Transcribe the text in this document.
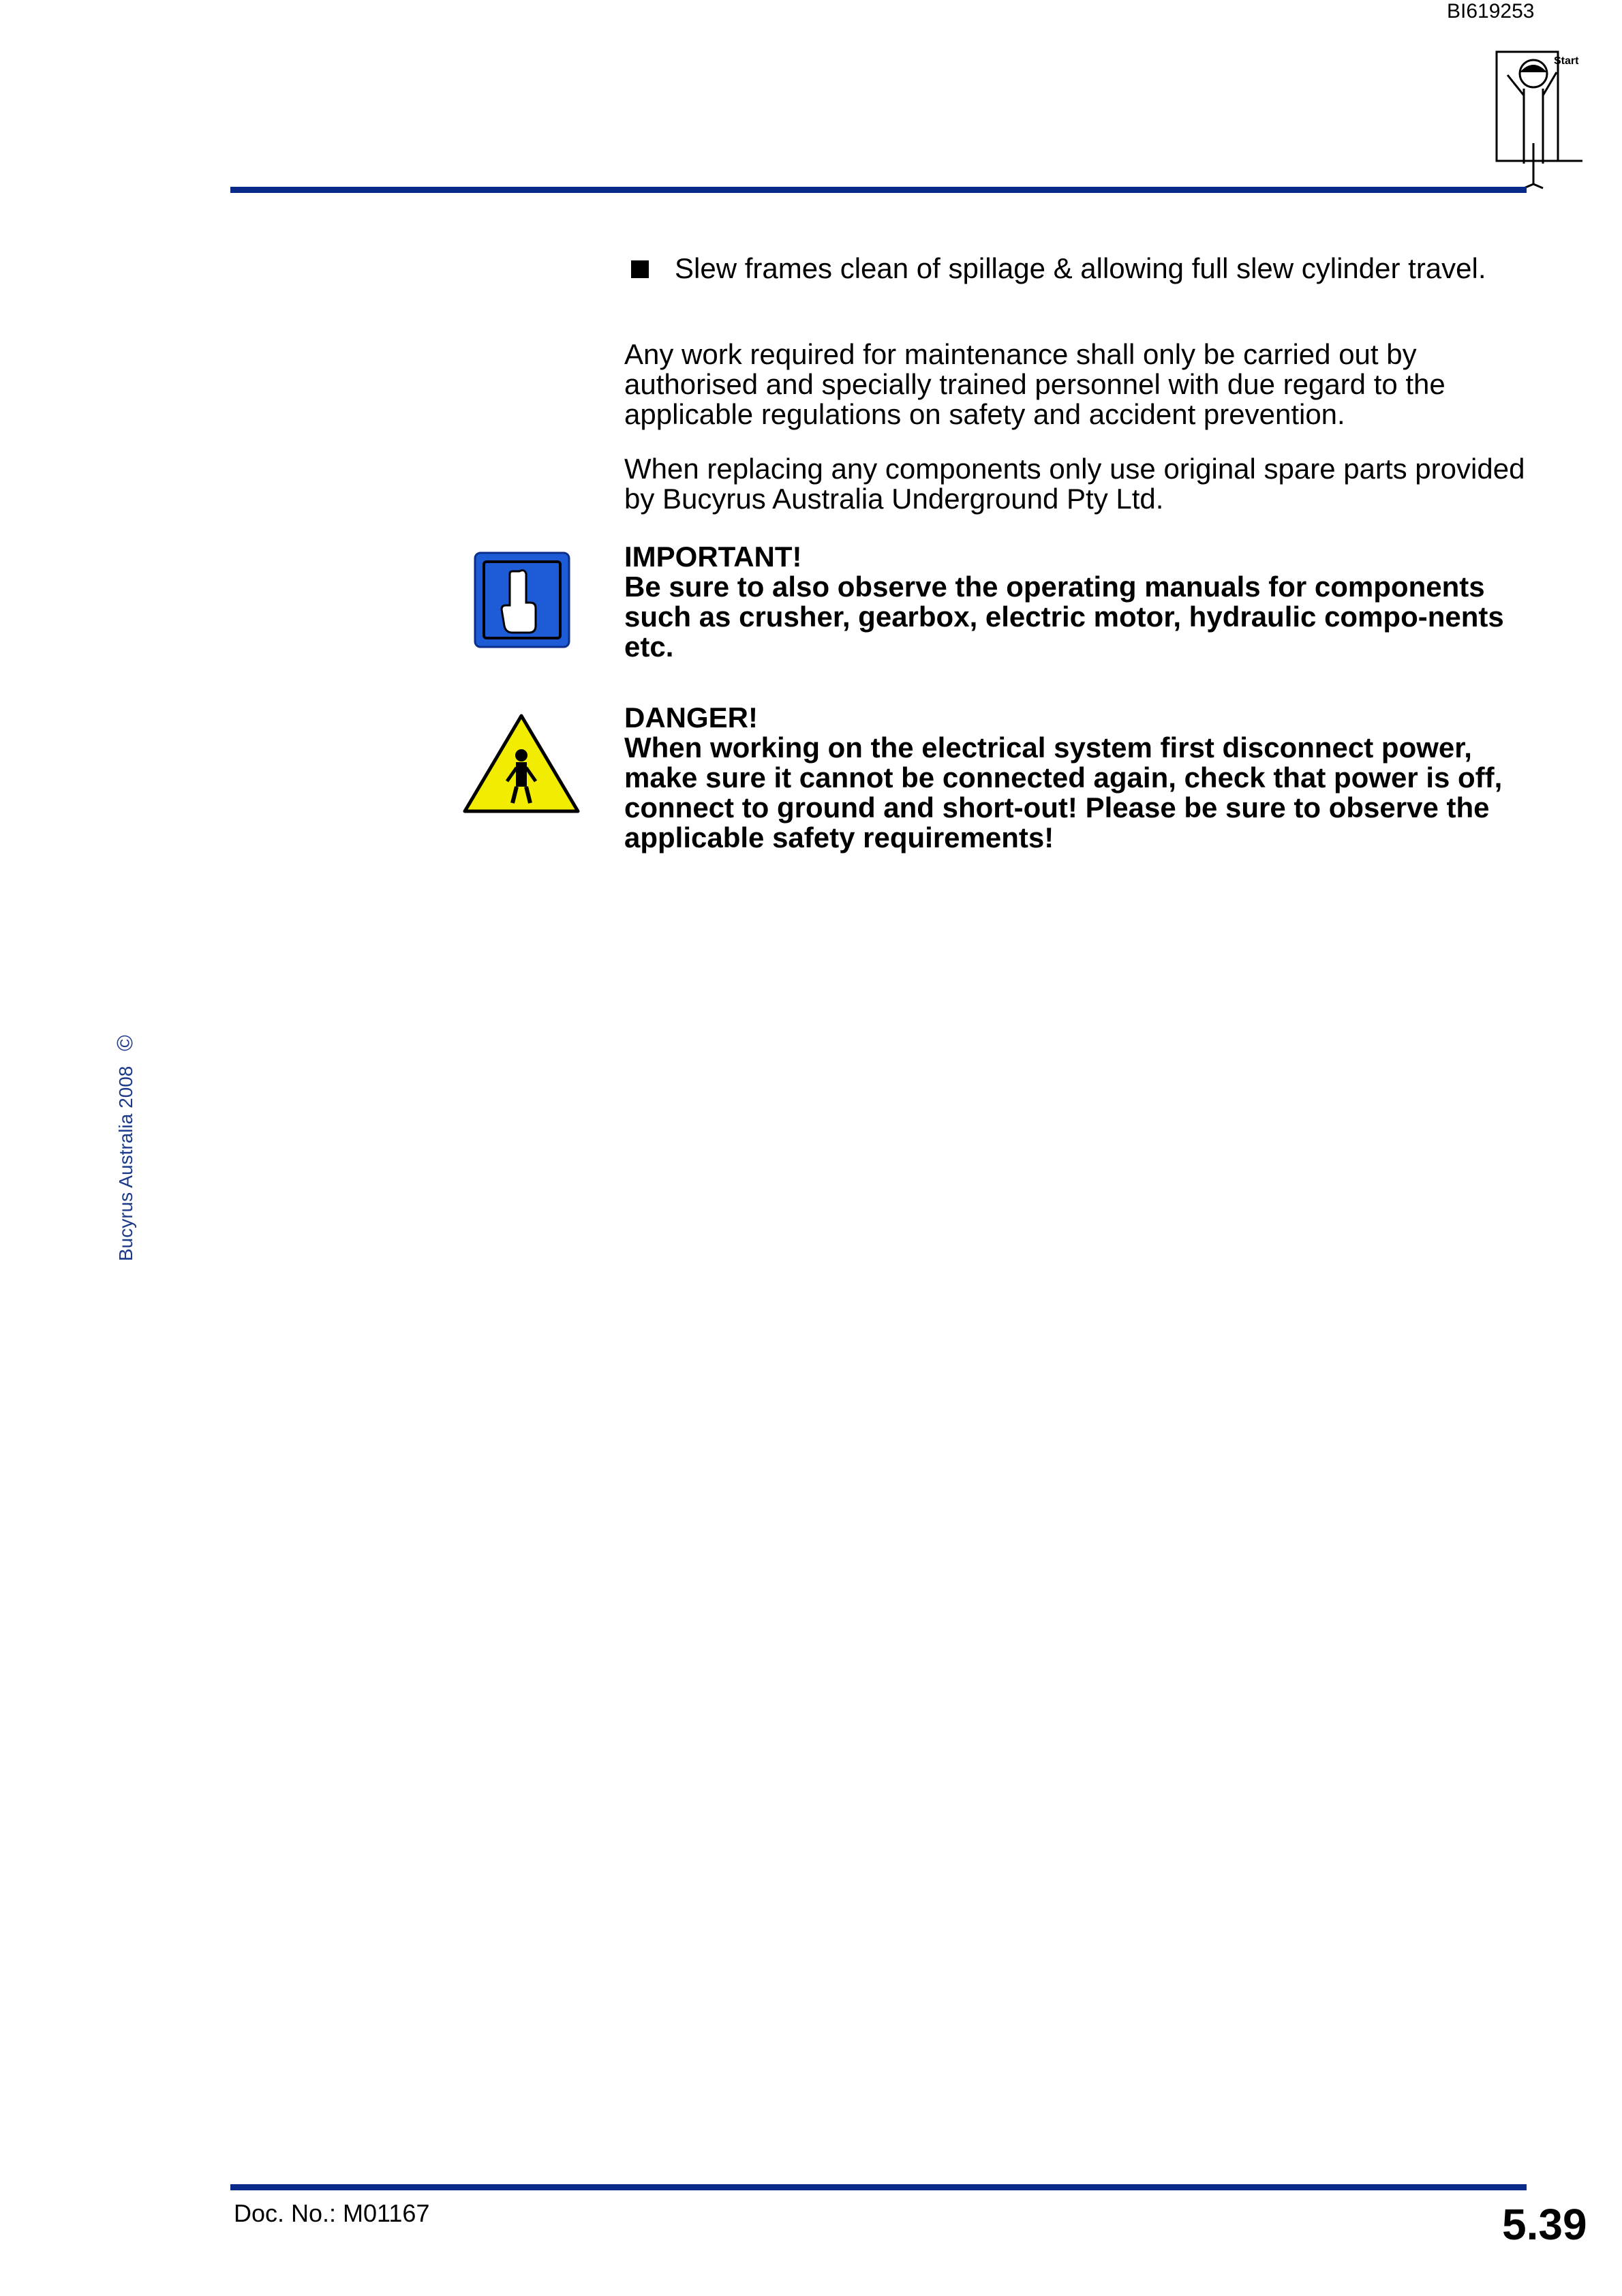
BI619253
Start
Slew frames clean of spillage & allowing full slew cylinder travel.
Any work required for maintenance shall only be carried out by authorised and specially trained personnel with due regard to the applicable regulations on safety and accident prevention.
When replacing any components only use original spare parts provided by Bucyrus Australia Underground Pty Ltd.
IMPORTANT!
Be sure to also observe the operating manuals for components such as crusher, gearbox, electric motor, hydraulic compo-nents etc.
DANGER!
When working on the electrical system first disconnect power, make sure it cannot be connected again, check that power is off, connect to ground and short-out! Please be sure to observe the applicable safety requirements!
Bucyrus Australia 2008 ©
Doc. No.: M01167	5.39
